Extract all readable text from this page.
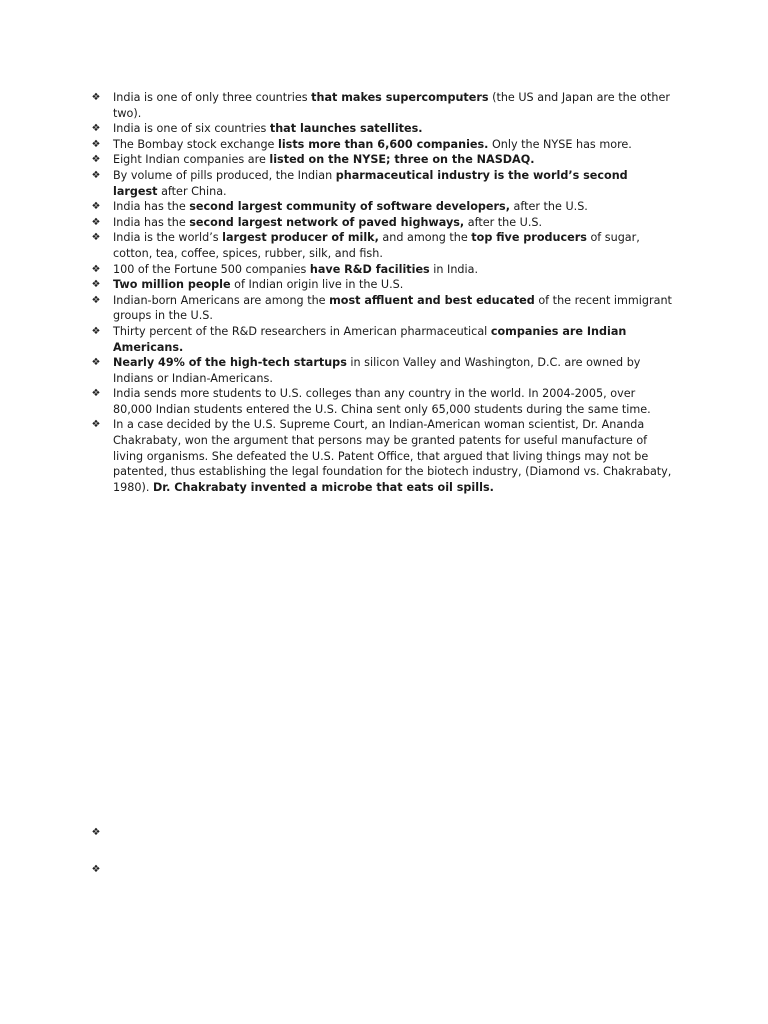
❖ India is one of only three countries that makes supercomputers (the US and Japan are the other two).
❖ India is one of six countries that launches satellites.
❖ The Bombay stock exchange lists more than 6,600 companies. Only the NYSE has more.
❖ Eight Indian companies are listed on the NYSE; three on the NASDAQ.
❖ By volume of pills produced, the Indian pharmaceutical industry is the world’s second largest after China.
❖ India has the second largest community of software developers, after the U.S.
❖ India has the second largest network of paved highways, after the U.S.
❖ India is the world’s largest producer of milk, and among the top five producers of sugar, cotton, tea, coffee, spices, rubber, silk, and fish.
❖ 100 of the Fortune 500 companies have R&D facilities in India.
❖ Two million people of Indian origin live in the U.S.
❖ Indian-born Americans are among the most affluent and best educated of the recent immigrant groups in the U.S.
❖ Thirty percent of the R&D researchers in American pharmaceutical companies are Indian Americans.
❖ Nearly 49% of the high-tech startups in silicon Valley and Washington, D.C. are owned by Indians or Indian-Americans.
❖ India sends more students to U.S. colleges than any country in the world. In 2004-2005, over 80,000 Indian students entered the U.S. China sent only 65,000 students during the same time.
❖ In a case decided by the U.S. Supreme Court, an Indian-American woman scientist, Dr. Ananda Chakrabaty, won the argument that persons may be granted patents for useful manufacture of living organisms. She defeated the U.S. Patent Office, that argued that living things may not be patented, thus establishing the legal foundation for the biotech industry, (Diamond vs. Chakrabaty, 1980). Dr. Chakrabaty invented a microbe that eats oil spills.
❖
❖
